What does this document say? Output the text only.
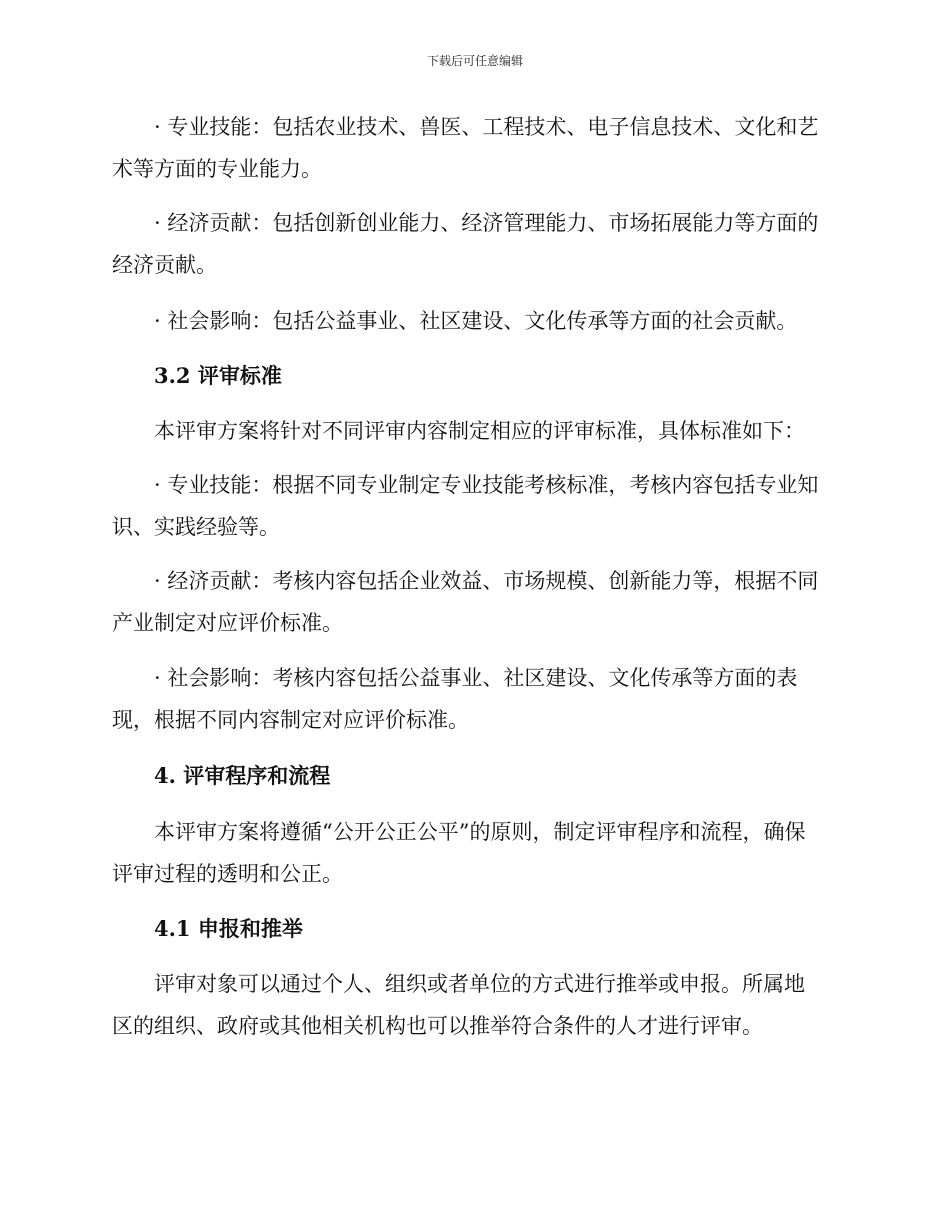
下载后可任意编辑

· 专业技能：包括农业技术、兽医、工程技术、电子信息技术、文化和艺术等方面的专业能力。

· 经济贡献：包括创新创业能力、经济管理能力、市场拓展能力等方面的经济贡献。

· 社会影响：包括公益事业、社区建设、文化传承等方面的社会贡献。

3.2 评审标准

本评审方案将针对不同评审内容制定相应的评审标准，具体标准如下：

· 专业技能：根据不同专业制定专业技能考核标准，考核内容包括专业知识、实践经验等。

· 经济贡献：考核内容包括企业效益、市场规模、创新能力等，根据不同产业制定对应评价标准。

· 社会影响：考核内容包括公益事业、社区建设、文化传承等方面的表现，根据不同内容制定对应评价标准。

4. 评审程序和流程

本评审方案将遵循“公开公正公平”的原则，制定评审程序和流程，确保评审过程的透明和公正。

4.1 申报和推举

评审对象可以通过个人、组织或者单位的方式进行推举或申报。所属地区的组织、政府或其他相关机构也可以推举符合条件的人才进行评审。
